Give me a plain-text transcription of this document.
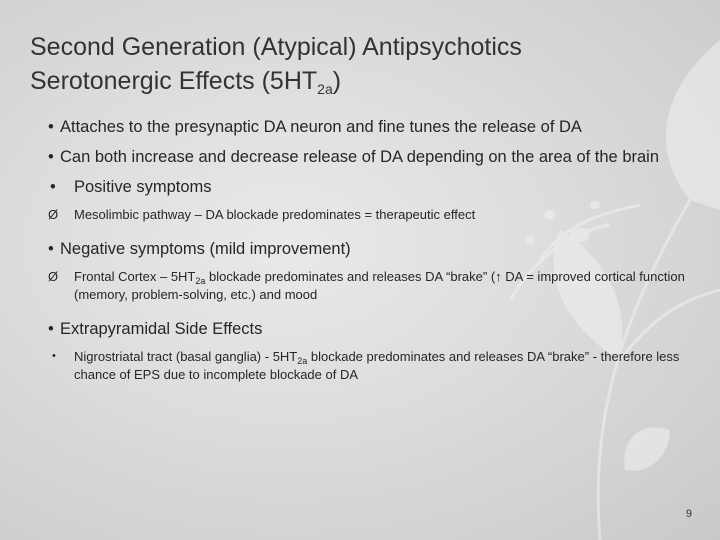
Second Generation (Atypical) Antipsychotics
Serotonergic Effects $(5HT_{2a})$
• Attaches to the presynaptic DA neuron and fine tunes the release of DA
• Can both increase and decrease release of DA depending on the area of the brain
• Positive symptoms
Ø Mesolimbic pathway – DA blockade predominates = therapeutic effect
• Negative symptoms (mild improvement)
Ø Frontal Cortex – $5HT_{2a}$ blockade predominates and releases DA “brake” (↑ DA = improved cortical function (memory, problem-solving, etc.) and mood
• Extrapyramidal Side Effects
• Nigrostriatal tract (basal ganglia) - $5HT_{2a}$ blockade predominates and releases DA “brake” - therefore less chance of EPS due to incomplete blockade of DA
9
